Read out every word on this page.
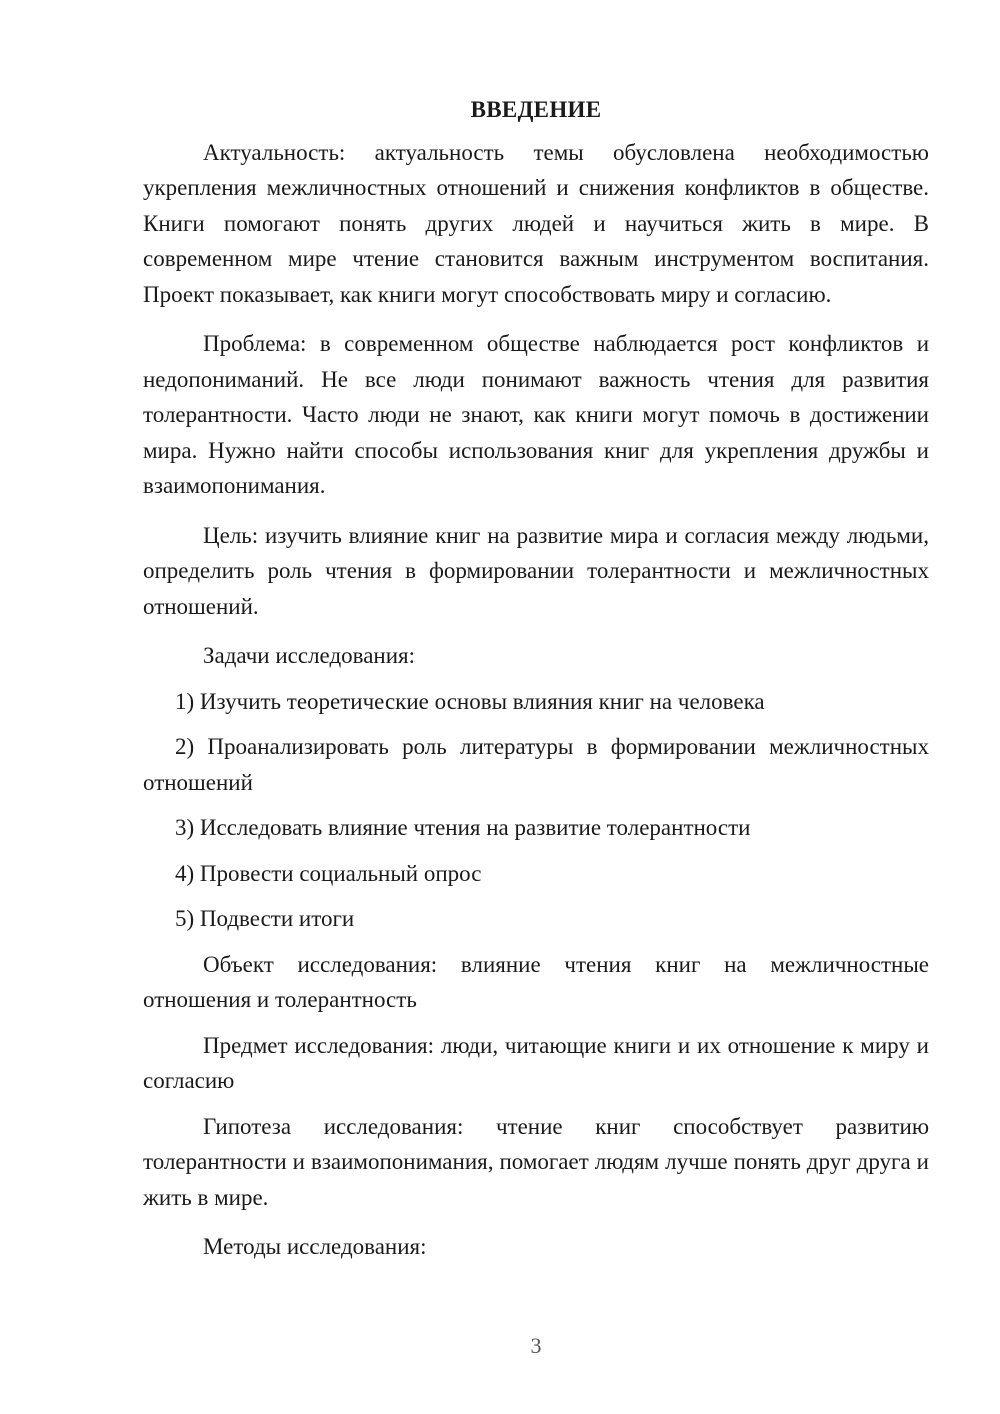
ВВЕДЕНИЕ

Актуальность: актуальность темы обусловлена необходимостью укрепления межличностных отношений и снижения конфликтов в обществе. Книги помогают понять других людей и научиться жить в мире. В современном мире чтение становится важным инструментом воспитания. Проект показывает, как книги могут способствовать миру и согласию.

Проблема: в современном обществе наблюдается рост конфликтов и недопониманий. Не все люди понимают важность чтения для развития толерантности. Часто люди не знают, как книги могут помочь в достижении мира. Нужно найти способы использования книг для укрепления дружбы и взаимопонимания.

Цель: изучить влияние книг на развитие мира и согласия между людьми, определить роль чтения в формировании толерантности и межличностных отношений.

Задачи исследования:

1) Изучить теоретические основы влияния книг на человека

2) Проанализировать роль литературы в формировании межличностных отношений

3) Исследовать влияние чтения на развитие толерантности

4) Провести социальный опрос

5) Подвести итоги

Объект исследования: влияние чтения книг на межличностные отношения и толерантность

Предмет исследования: люди, читающие книги и их отношение к миру и согласию

Гипотеза исследования: чтение книг способствует развитию толерантности и взаимопонимания, помогает людям лучше понять друг друга и жить в мире.

Методы исследования:

3
